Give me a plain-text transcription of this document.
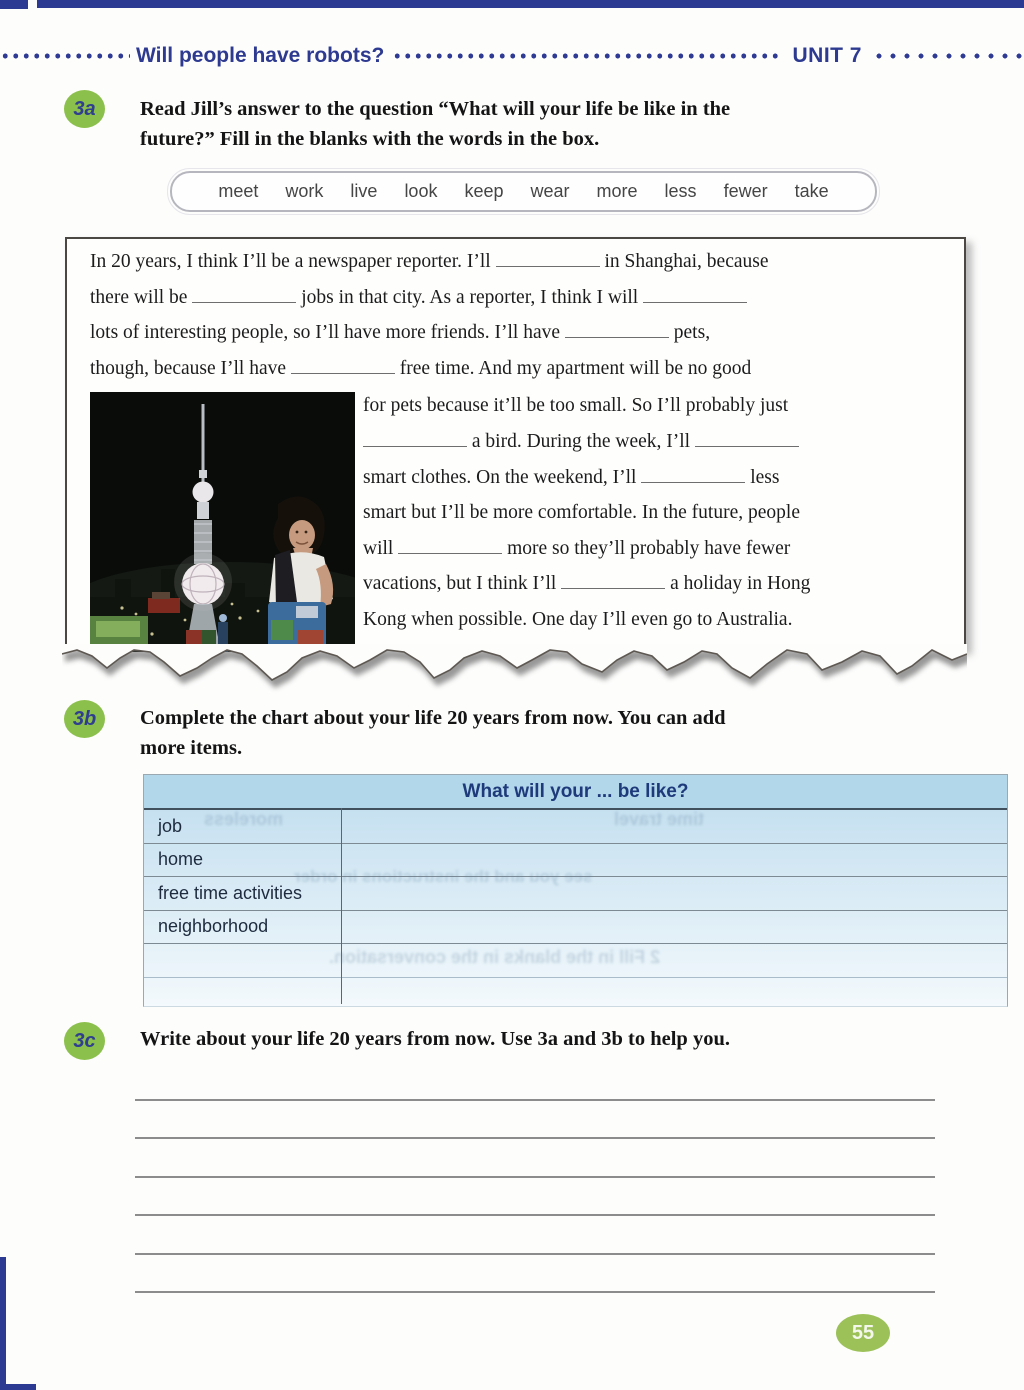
Will people have robots?	UNIT 7
3a	Read Jill’s answer to the question “What will your life be like in the
future?” Fill in the blanks with the words in the box.
meet work live look keep wear more less fewer take
In 20 years, I think I’ll be a newspaper reporter. I’ll	in Shanghai, because
there will be	jobs in that city. As a reporter, I think I will
lots of interesting people, so I’ll have more friends. I’ll have	pets,
though, because I’ll have	free time. And my apartment will be no good
for pets because it’ll be too small. So I’ll probably just
a bird. During the week, I’ll
smart clothes. On the weekend, I’ll	less
smart but I’ll be more comfortable. In the future, people
will	more so they’ll probably have fewer
vacations, but I think I’ll	a holiday in Hong
Kong when possible. One day I’ll even go to Australia.
3b	Complete the chart about your life 20 years from now. You can add
more items.
What will your ... be like?
job
home
free time activities
neighborhood
moreless	time travel
see you and the instructions in order
2 Fill in the blanks in the conversation.
3c	Write about your life 20 years from now. Use 3a and 3b to help you.
55
